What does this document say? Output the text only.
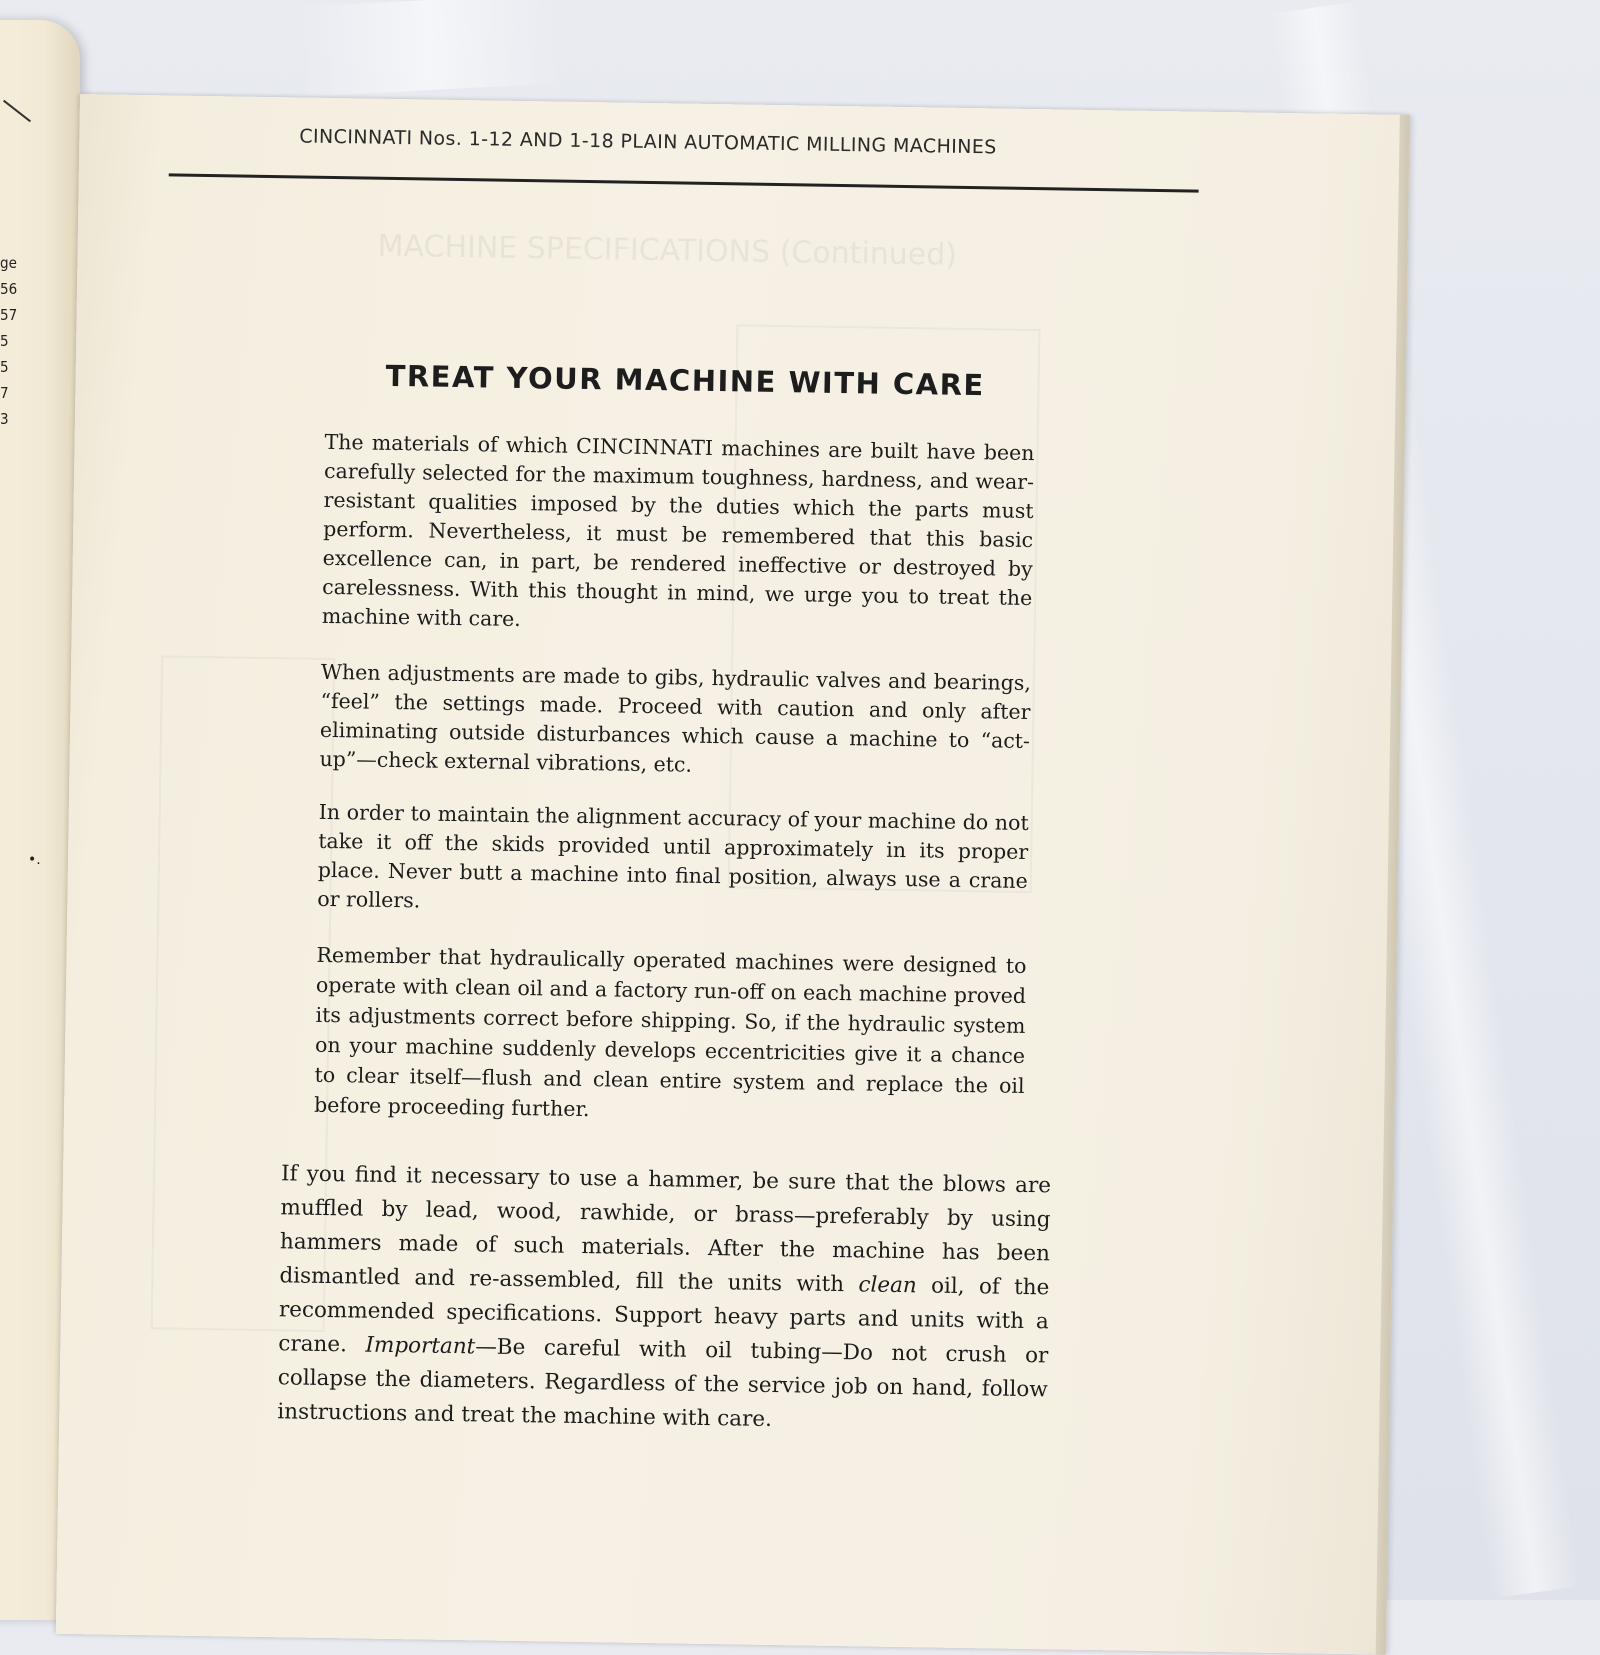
ge
56
57
5
5
7
3
•.
MACHINE SPECIFICATIONS (Continued)
CINCINNATI Nos. 1-12 AND 1-18 PLAIN AUTOMATIC MILLING MACHINES
TREAT YOUR MACHINE WITH CARE
The materials of which CINCINNATI machines are built have been carefully selected for the maximum toughness, hardness, and wear-resistant qualities imposed by the duties which the parts must perform. Nevertheless, it must be remembered that this basic excellence can, in part, be rendered ineffective or destroyed by carelessness. With this thought in mind, we urge you to treat the machine with care.
When adjustments are made to gibs, hydraulic valves and bearings, “feel” the settings made. Proceed with caution and only after eliminating outside disturbances which cause a machine to “act-up”—check external vibrations, etc.
In order to maintain the alignment accuracy of your machine do not take it off the skids provided until approximately in its proper place. Never butt a machine into final position, always use a crane or rollers.
Remember that hydraulically operated machines were designed to operate with clean oil and a factory run-off on each machine proved its adjustments correct before shipping. So, if the hydraulic system on your machine suddenly develops eccentricities give it a chance to clear itself—flush and clean entire system and replace the oil before proceeding further.
If you find it necessary to use a hammer, be sure that the blows are muffled by lead, wood, rawhide, or brass—preferably by using hammers made of such materials. After the machine has been dismantled and re-assembled, fill the units with clean oil, of the recommended specifications. Support heavy parts and units with a crane. Important—Be careful with oil tubing—Do not crush or collapse the diameters. Regardless of the service job on hand, follow instructions and treat the machine with care.
